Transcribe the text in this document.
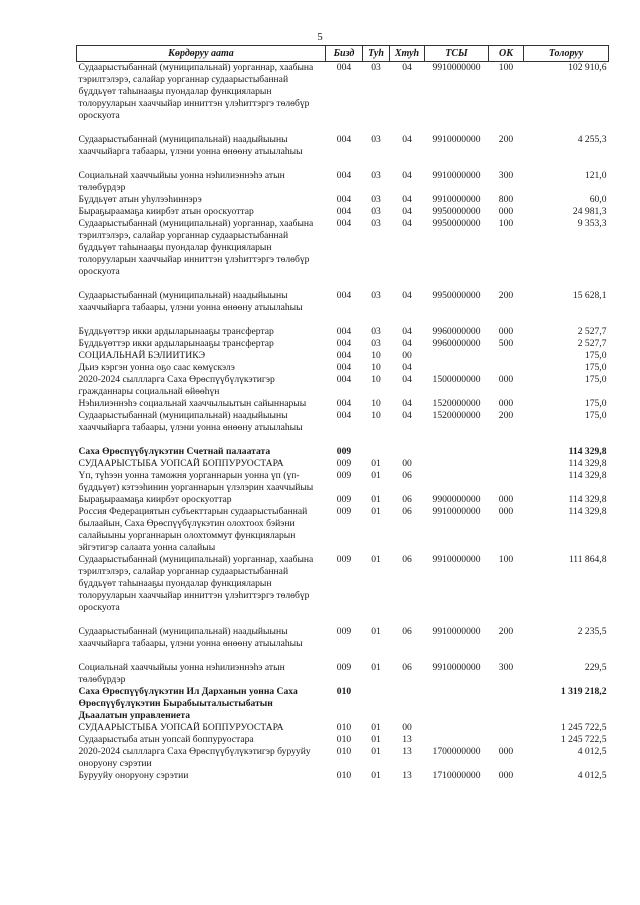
5
Көрдөруу аата	Бизд	Туһ	Хтуһ	ТСЫ	ОК	Толоруу
Судаарыстыбаннай (муниципальнай) уорганнар, хаабына тэрилтэлэрэ, салайар уорганнар судаарыстыбаннай бүддьүөт таһынааҕы пуондалар функцияларын толорууларын хааччыйар инниттэн үлэһиттэргэ төлөбүр ороскуота	004	03	04	9910000000	100	102 910,6
Судаарыстыбаннай (муниципальнай) наадыйыыны хааччыйарга табаары, үлэни уонна өнөөну атыылаһыы	004	03	04	9910000000	200	4 255,3
Социальнай хааччыйыы уонна нэһилиэннэһэ атын төлөбүрдэр	004	03	04	9910000000	300	121,0
Бүддьүөт атын уһулээһиннэрэ	004	03	04	9910000000	800	60,0
Быраҕыраамаҕа киирбэт атын ороскуоттар	004	03	04	9950000000	000	24 981,3
Судаарыстыбаннай (муниципальнай) уорганнар, хаабына тэрилтэлэрэ, салайар уорганнар судаарыстыбаннай бүддьүөт таһынааҕы пуондалар функцияларын толорууларын хааччыйар инниттэн үлэһиттэргэ төлөбүр ороскуота	004	03	04	9950000000	100	9 353,3
Судаарыстыбаннай (муниципальнай) наадыйыыны хааччыйарга табаары, үлэни уонна өнөөну атыылаһыы	004	03	04	9950000000	200	15 628,1
Бүддьүөттэр икки ардыларынааҕы трансфертар	004	03	04	9960000000	000	2 527,7
Бүддьүөттэр икки ардыларынааҕы трансфертар	004	03	04	9960000000	500	2 527,7
СОЦИАЛЬНАЙ БЭЛИИТИКЭ	004	10	00			175,0
Дьиэ кэргэн уонна оҕо саас көмүскэлэ	004	10	04			175,0
2020-2024 сыллларга Саха Өрөспүүбүлүкэтигэр гражданнары социальнай өйөөһүн	004	10	04	1500000000	000	175,0
Нэһилиэннэһэ социальнай хааччылыытын сайыннарыы	004	10	04	1520000000	000	175,0
Судаарыстыбаннай (муниципальнай) наадыйыыны хааччыйарга табаары, үлэни уонна өнөөну атыылаһыы	004	10	04	1520000000	200	175,0
Саха Өрөспүүбүлүкэтин Счетнай палаатата	009					114 329,8
СУДААРЫСТЫБА УОПСАЙ БОППУРУОСТАРА	009	01	00			114 329,8
Үп, түһээн уонна таможня уорганнарын уонна үп (үп-бүддьүөт) кэтээһинин уорганнарын үлэлэрин хааччыйыы	009	01	06			114 329,8
Быраҕыраамаҕа киирбэт ороскуоттар	009	01	06	9900000000	000	114 329,8
Россия Федерациятын субъекттарын судаарыстыбаннай былаайын, Саха Өрөспүүбүлүкэтин олохтоох бэйэни салайыыны уорганнарын олохтоммут функцияларын эйгэтигэр салаата уонна салайыы	009	01	06	9910000000	000	114 329,8
Судаарыстыбаннай (муниципальнай) уорганнар, хаабына тэрилтэлэрэ, салайар уорганнар судаарыстыбаннай бүддьүөт таһынааҕы пуондалар функцияларын толорууларын хааччыйар инниттэн үлэһиттэргэ төлөбүр ороскуота	009	01	06	9910000000	100	111 864,8
Судаарыстыбаннай (муниципальнай) наадыйыыны хааччыйарга табаары, үлэни уонна өнөөну атыылаһыы	009	01	06	9910000000	200	2 235,5
Социальнай хааччыйыы уонна нэһилиэннэһэ атын төлөбүрдэр	009	01	06	9910000000	300	229,5
Саха Өрөспүүбүлүкэтин Ил Дарханын уонна Саха Өрөспүүбүлүкэтин Бырабыыталыстыбатын Дьаалатын управлениета	010					1 319 218,2
СУДААРЫСТЫБА УОПСАЙ БОППУРУОСТАРА	010	01	00			1 245 722,5
Судаарыстыба атын уопсай боппуруостара	010	01	13			1 245 722,5
2020-2024 сыллларга Саха Өрөспүүбүлүкэтигэр бурууйу оноруону сэрэтии	010	01	13	1700000000	000	4 012,5
Бурууйу оноруону сэрэтии	010	01	13	1710000000	000	4 012,5
